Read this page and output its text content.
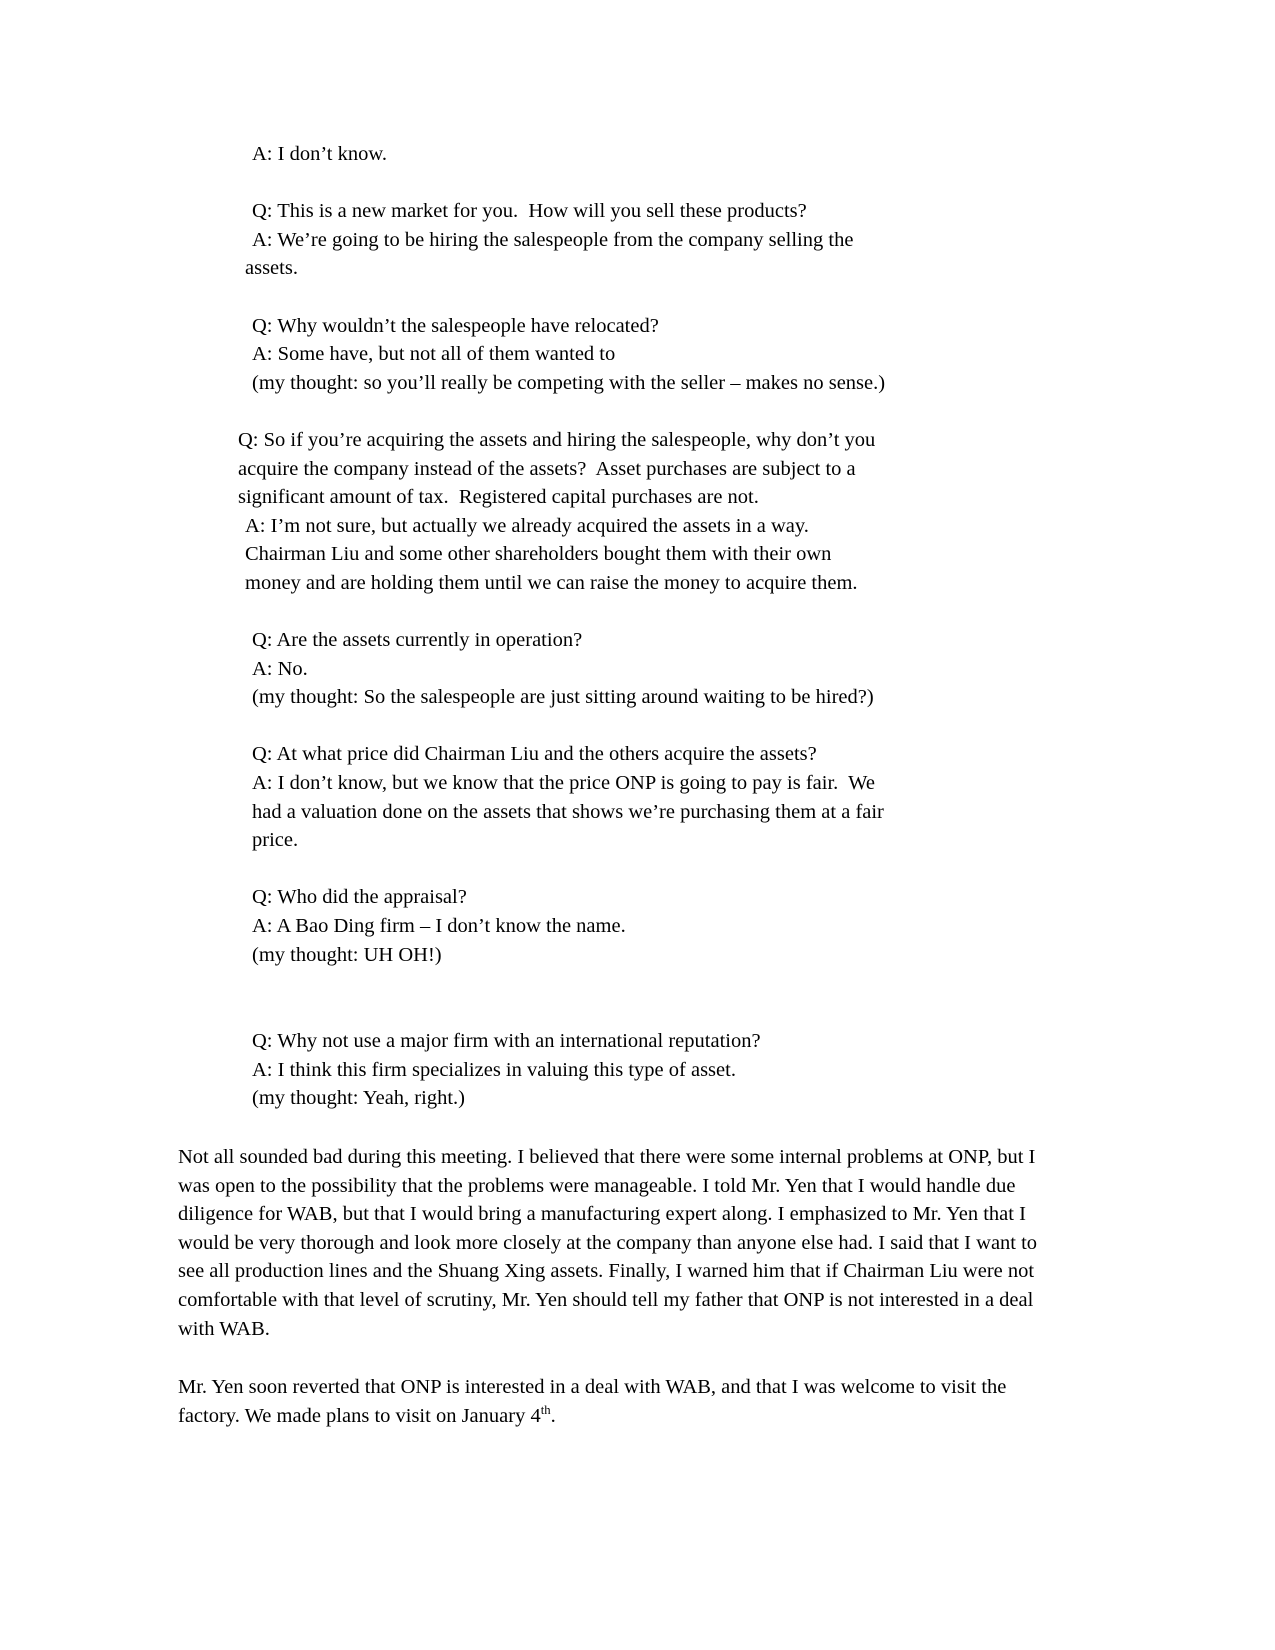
A: I don’t know.
Q: This is a new market for you.  How will you sell these products?
A: We’re going to be hiring the salespeople from the company selling the
assets.
Q: Why wouldn’t the salespeople have relocated?
A: Some have, but not all of them wanted to
(my thought: so you’ll really be competing with the seller – makes no sense.)
Q: So if you’re acquiring the assets and hiring the salespeople, why don’t you
acquire the company instead of the assets?  Asset purchases are subject to a
significant amount of tax.  Registered capital purchases are not.
A: I’m not sure, but actually we already acquired the assets in a way.
Chairman Liu and some other shareholders bought them with their own
money and are holding them until we can raise the money to acquire them.
Q: Are the assets currently in operation?
A: No.
(my thought: So the salespeople are just sitting around waiting to be hired?)
Q: At what price did Chairman Liu and the others acquire the assets?
A: I don’t know, but we know that the price ONP is going to pay is fair.  We
had a valuation done on the assets that shows we’re purchasing them at a fair
price.
Q: Who did the appraisal?
A: A Bao Ding firm – I don’t know the name.
(my thought: UH OH!)
Q: Why not use a major firm with an international reputation?
A: I think this firm specializes in valuing this type of asset.
(my thought: Yeah, right.)

Not all sounded bad during this meeting. I believed that there were some internal problems at ONP, but I was open to the possibility that the problems were manageable. I told Mr. Yen that I would handle due diligence for WAB, but that I would bring a manufacturing expert along. I emphasized to Mr. Yen that I would be very thorough and look more closely at the company than anyone else had. I said that I want to see all production lines and the Shuang Xing assets. Finally, I warned him that if Chairman Liu were not comfortable with that level of scrutiny, Mr. Yen should tell my father that ONP is not interested in a deal with WAB.

Mr. Yen soon reverted that ONP is interested in a deal with WAB, and that I was welcome to visit the factory. We made plans to visit on January 4th.
